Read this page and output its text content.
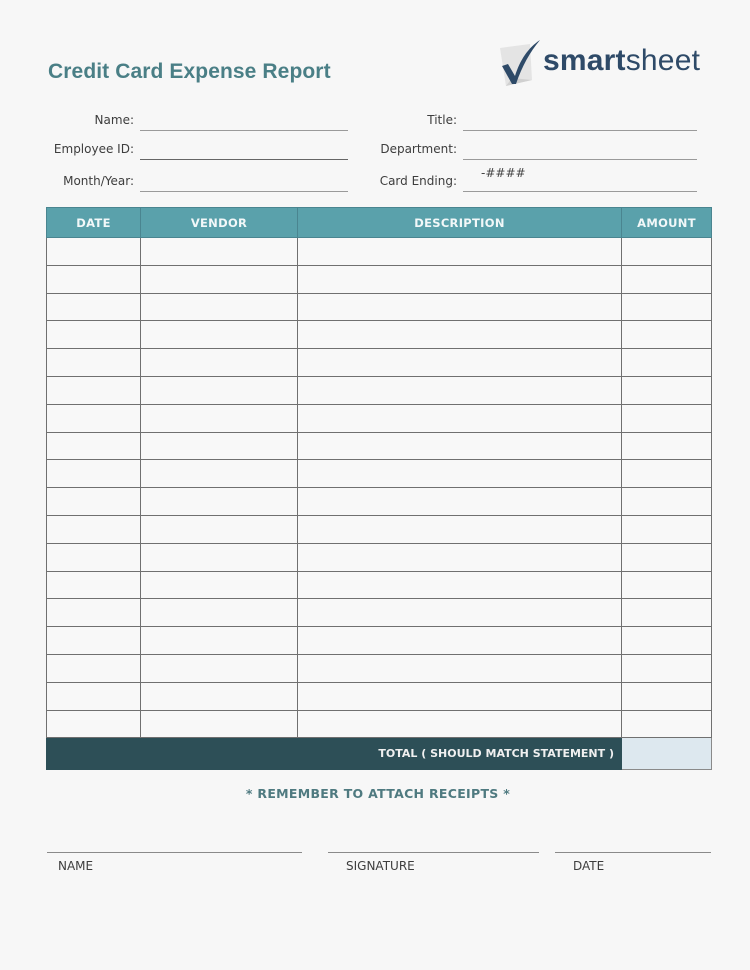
Credit Card Expense Report	smartsheet
Name:
Employee ID:
Month/Year:
Title:
Department:
Card Ending:
-####
DATE	VENDOR	DESCRIPTION	AMOUNT

TOTAL ( SHOULD MATCH STATEMENT )			
* REMEMBER TO ATTACH RECEIPTS *
NAME	SIGNATURE	DATE
